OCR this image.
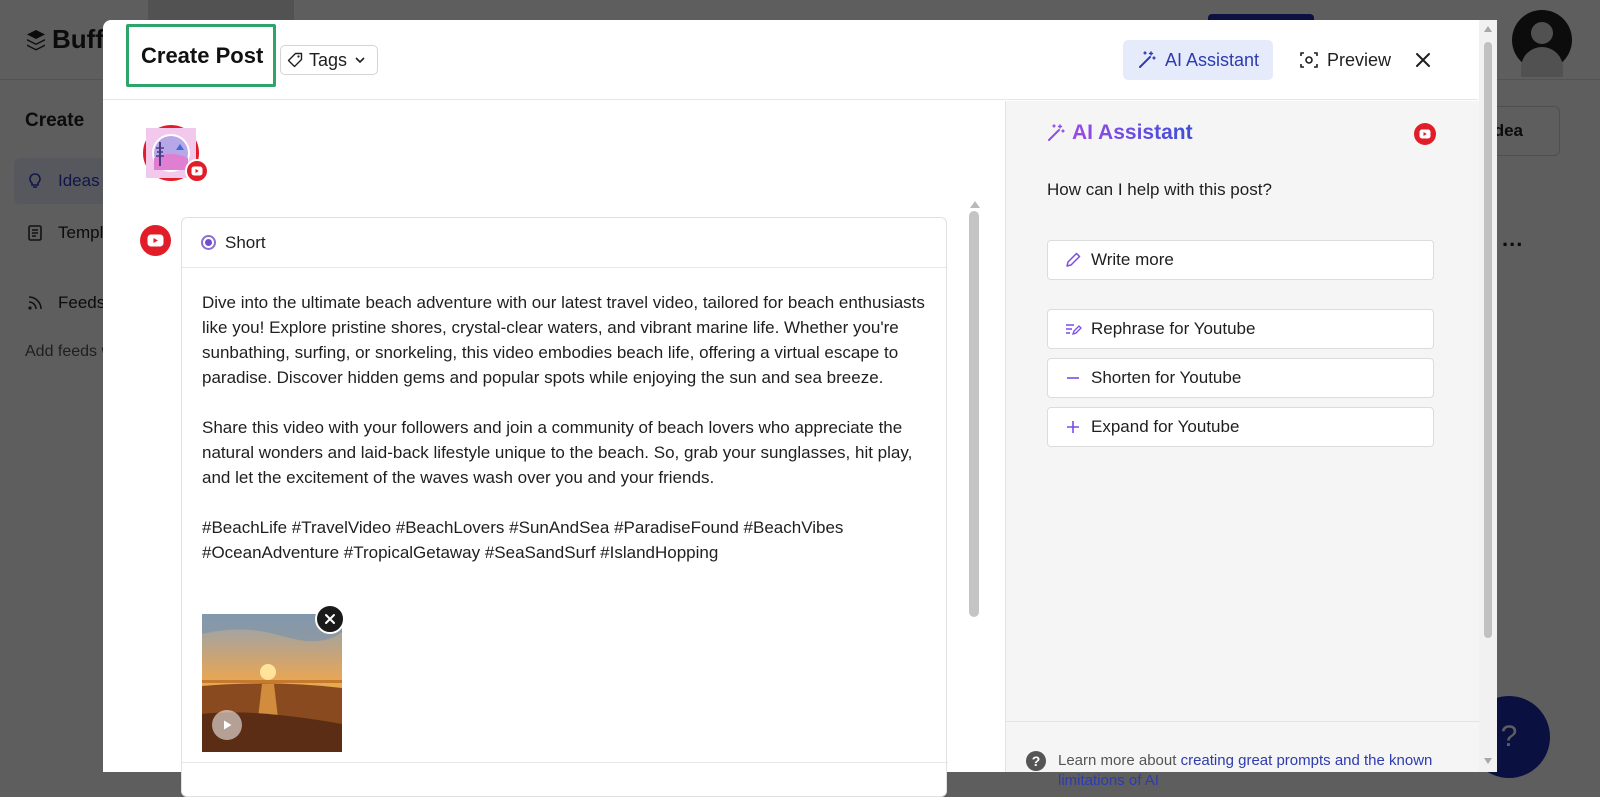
Create Post	Tags	AI Assistant	Preview
Short

Dive into the ultimate beach adventure with our latest travel video, tailored for beach enthusiasts like you! Explore pristine shores, crystal-clear waters, and vibrant marine life. Whether you're sunbathing, surfing, or snorkeling, this video embodies beach life, offering a virtual escape to paradise. Discover hidden gems and popular spots while enjoying the sun and sea breeze.

Share this video with your followers and join a community of beach lovers who appreciate the natural wonders and laid-back lifestyle unique to the beach. So, grab your sunglasses, hit play, and let the excitement of the waves wash over you and your friends.

#BeachLife #TravelVideo #BeachLovers #SunAndSea #ParadiseFound #BeachVibes #OceanAdventure #TropicalGetaway #SeaSandSurf #IslandHopping

AI Assistant
How can I help with this post?
Write more
Rephrase for Youtube
Shorten for Youtube
Expand for Youtube
?	Learn more about creating great prompts and the known limitations of AI
